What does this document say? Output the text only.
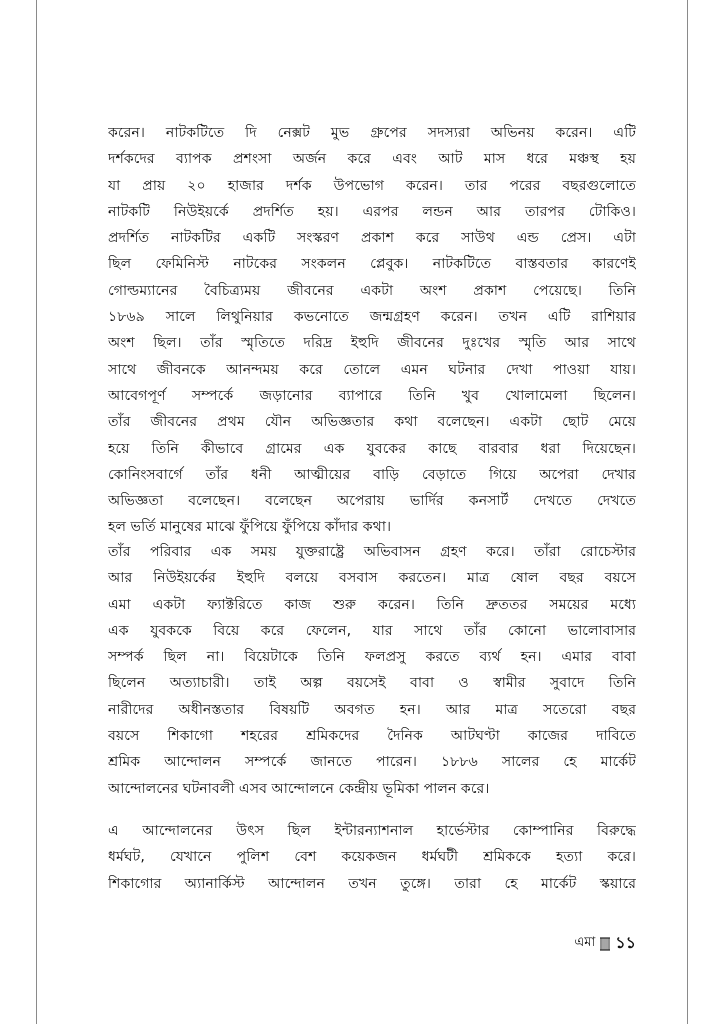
করেন। নাটকটিতে দি নেক্সট মুভ গ্রুপের সদস্যরা অভিনয় করেন। এটি
দর্শকদের ব্যাপক প্রশংসা অর্জন করে এবং আট মাস ধরে মঞ্চস্থ হয়
যা প্রায় ২০ হাজার দর্শক উপভোগ করেন। তার পরের বছরগুলোতে
নাটকটি নিউইয়র্কে প্রদর্শিত হয়। এরপর লন্ডন আর তারপর টোকিও।
প্রদর্শিত নাটকটির একটি সংস্করণ প্রকাশ করে সাউথ এন্ড প্রেস। এটা
ছিল ফেমিনিস্ট নাটকের সংকলন প্লেবুক। নাটকটিতে বাস্তবতার কারণেই
গোল্ডম্যানের বৈচিত্র্যময় জীবনের একটা অংশ প্রকাশ পেয়েছে। তিনি
১৮৬৯ সালে লিথুনিয়ার কভনোতে জন্মগ্রহণ করেন। তখন এটি রাশিয়ার
অংশ ছিল। তাঁর স্মৃতিতে দরিদ্র ইহুদি জীবনের দুঃখের স্মৃতি আর সাথে
সাথে জীবনকে আনন্দময় করে তোলে এমন ঘটনার দেখা পাওয়া যায়।
আবেগপূর্ণ সম্পর্কে জড়ানোর ব্যাপারে তিনি খুব খোলামেলা ছিলেন।
তাঁর জীবনের প্রথম যৌন অভিজ্ঞতার কথা বলেছেন। একটা ছোট মেয়ে
হয়ে তিনি কীভাবে গ্রামের এক যুবকের কাছে বারবার ধরা দিয়েছেন।
কোনিংসবার্গে তাঁর ধনী আত্মীয়ের বাড়ি বেড়াতে গিয়ে অপেরা দেখার
অভিজ্ঞতা বলেছেন। বলেছেন অপেরায় ভার্দির কনসার্ট দেখতে দেখতে
হল ভর্তি মানুষের মাঝে ফুঁপিয়ে ফুঁপিয়ে কাঁদার কথা।
তাঁর পরিবার এক সময় যুক্তরাষ্ট্রে অভিবাসন গ্রহণ করে। তাঁরা রোচেস্টার
আর নিউইয়র্কের ইহুদি বলয়ে বসবাস করতেন। মাত্র ষোল বছর বয়সে
এমা একটা ফ্যাক্টরিতে কাজ শুরু করেন। তিনি দ্রুততর সময়ের মধ্যে
এক যুবককে বিয়ে করে ফেলেন, যার সাথে তাঁর কোনো ভালোবাসার
সম্পর্ক ছিল না। বিয়েটাকে তিনি ফলপ্রসু করতে ব্যর্থ হন। এমার বাবা
ছিলেন অত্যাচারী। তাই অল্প বয়সেই বাবা ও স্বামীর সুবাদে তিনি
নারীদের অধীনস্ততার বিষয়টি অবগত হন। আর মাত্র সতেরো বছর
বয়সে শিকাগো শহরের শ্রমিকদের দৈনিক আটঘণ্টা কাজের দাবিতে
শ্রমিক আন্দোলন সম্পর্কে জানতে পারেন। ১৮৮৬ সালের হে মার্কেট
আন্দোলনের ঘটনাবলী এসব আন্দোলনে কেন্দ্রীয় ভূমিকা পালন করে।
এ আন্দোলনের উৎস ছিল ইন্টারন্যাশনাল হার্ভেস্টার কোম্পানির বিরুদ্ধে
ধর্মঘট, যেখানে পুলিশ বেশ কয়েকজন ধর্মঘটী শ্রমিককে হত্যা করে।
শিকাগোর অ্যানার্কিস্ট আন্দোলন তখন তুঙ্গে। তারা হে মার্কেট স্কয়ারে
এমা ১১
